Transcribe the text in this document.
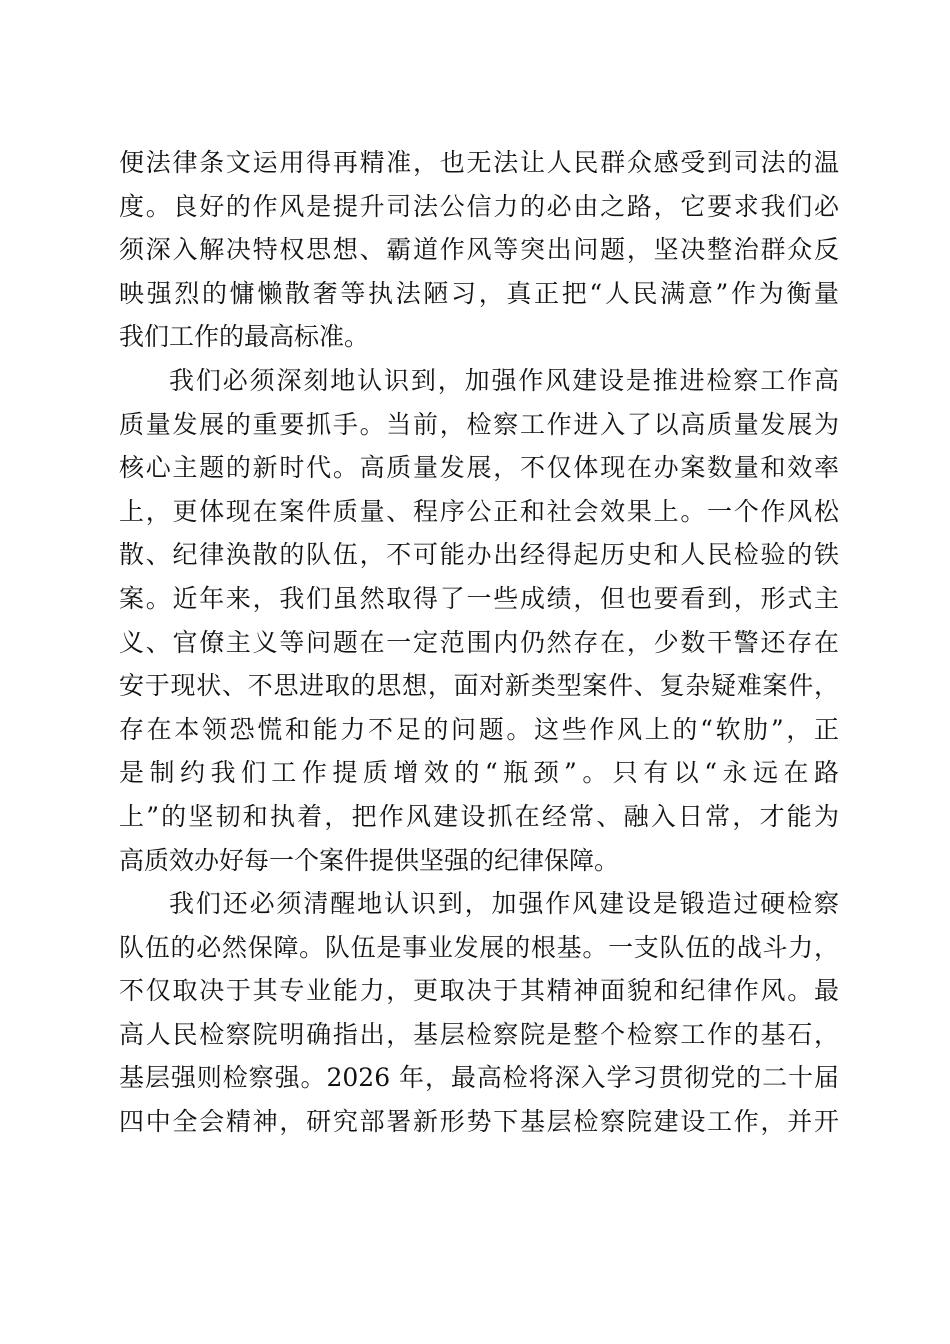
便法律条文运用得再精准，也无法让人民群众感受到司法的温
度。良好的作风是提升司法公信力的必由之路，它要求我们必
须深入解决特权思想、霸道作风等突出问题，坚决整治群众反
映强烈的慵懒散奢等执法陋习，真正把“人民满意”作为衡量
我们工作的最高标准。
我们必须深刻地认识到，加强作风建设是推进检察工作高
质量发展的重要抓手。当前，检察工作进入了以高质量发展为
核心主题的新时代。高质量发展，不仅体现在办案数量和效率
上，更体现在案件质量、程序公正和社会效果上。一个作风松
散、纪律涣散的队伍，不可能办出经得起历史和人民检验的铁
案。近年来，我们虽然取得了一些成绩，但也要看到，形式主
义、官僚主义等问题在一定范围内仍然存在，少数干警还存在
安于现状、不思进取的思想，面对新类型案件、复杂疑难案件，
存在本领恐慌和能力不足的问题。这些作风上的“软肋”，正
是制约我们工作提质增效的“瓶颈”。只有以“永远在路
上”的坚韧和执着，把作风建设抓在经常、融入日常，才能为
高质效办好每一个案件提供坚强的纪律保障。
我们还必须清醒地认识到，加强作风建设是锻造过硬检察
队伍的必然保障。队伍是事业发展的根基。一支队伍的战斗力，
不仅取决于其专业能力，更取决于其精神面貌和纪律作风。最
高人民检察院明确指出，基层检察院是整个检察工作的基石，
基层强则检察强。2026 年，最高检将深入学习贯彻党的二十届
四中全会精神，研究部署新形势下基层检察院建设工作，并开
